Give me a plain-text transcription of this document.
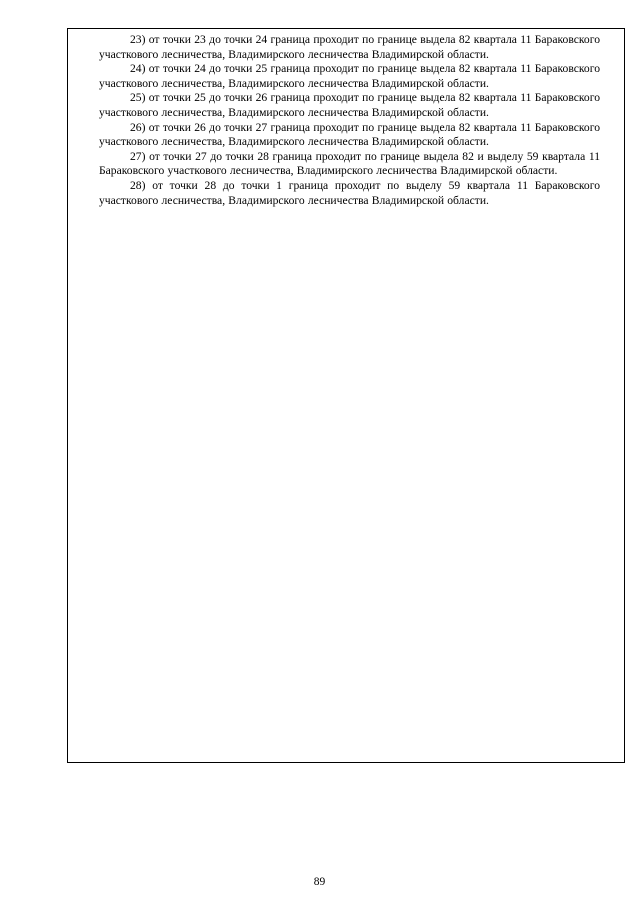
23) от точки 23 до точки 24 граница проходит по границе выдела 82 квартала 11 Бараковского участкового лесничества, Владимирского лесничества Владимирской области.

24) от точки 24 до точки 25 граница проходит по границе выдела 82 квартала 11 Бараковского участкового лесничества, Владимирского лесничества Владимирской области.

25) от точки 25 до точки 26 граница проходит по границе выдела 82 квартала 11 Бараковского участкового лесничества, Владимирского лесничества Владимирской области.

26) от точки 26 до точки 27 граница проходит по границе выдела 82 квартала 11 Бараковского участкового лесничества, Владимирского лесничества Владимирской области.

27) от точки 27 до точки 28 граница проходит по границе выдела 82 и выделу 59 квартала 11 Бараковского участкового лесничества, Владимирского лесничества Владимирской области.

28) от точки 28 до точки 1 граница проходит по выделу 59 квартала 11 Бараковского участкового лесничества, Владимирского лесничества Владимирской области.

89
